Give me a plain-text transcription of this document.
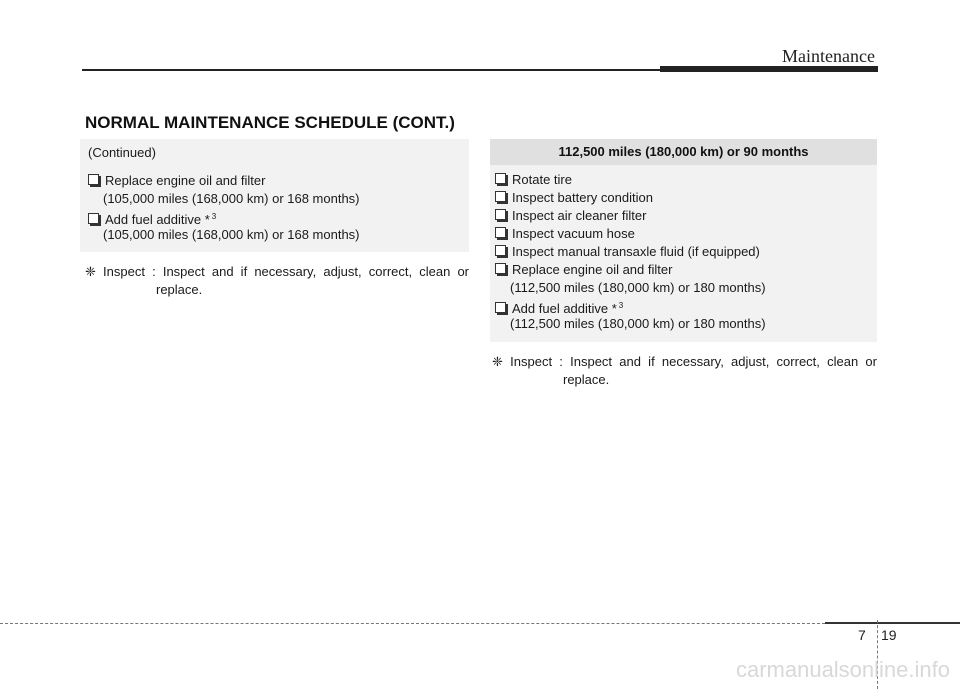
Maintenance
NORMAL MAINTENANCE SCHEDULE (CONT.)
(Continued)
Replace engine oil and filter
(105,000 miles (168,000 km) or 168 months)
Add fuel additive * $^3$
(105,000 miles (168,000 km) or 168 months)
❈ Inspect : Inspect and if necessary, adjust, correct, clean or
replace.
112,500 miles (180,000 km) or 90 months
Rotate tire
Inspect battery condition
Inspect air cleaner filter
Inspect vacuum hose
Inspect manual transaxle fluid (if equipped)
Replace engine oil and filter
(112,500 miles (180,000 km) or 180 months)
Add fuel additive * $^3$
(112,500 miles (180,000 km) or 180 months)
❈ Inspect : Inspect and if necessary, adjust, correct, clean or
replace.
7 19
carmanualsonline.info
